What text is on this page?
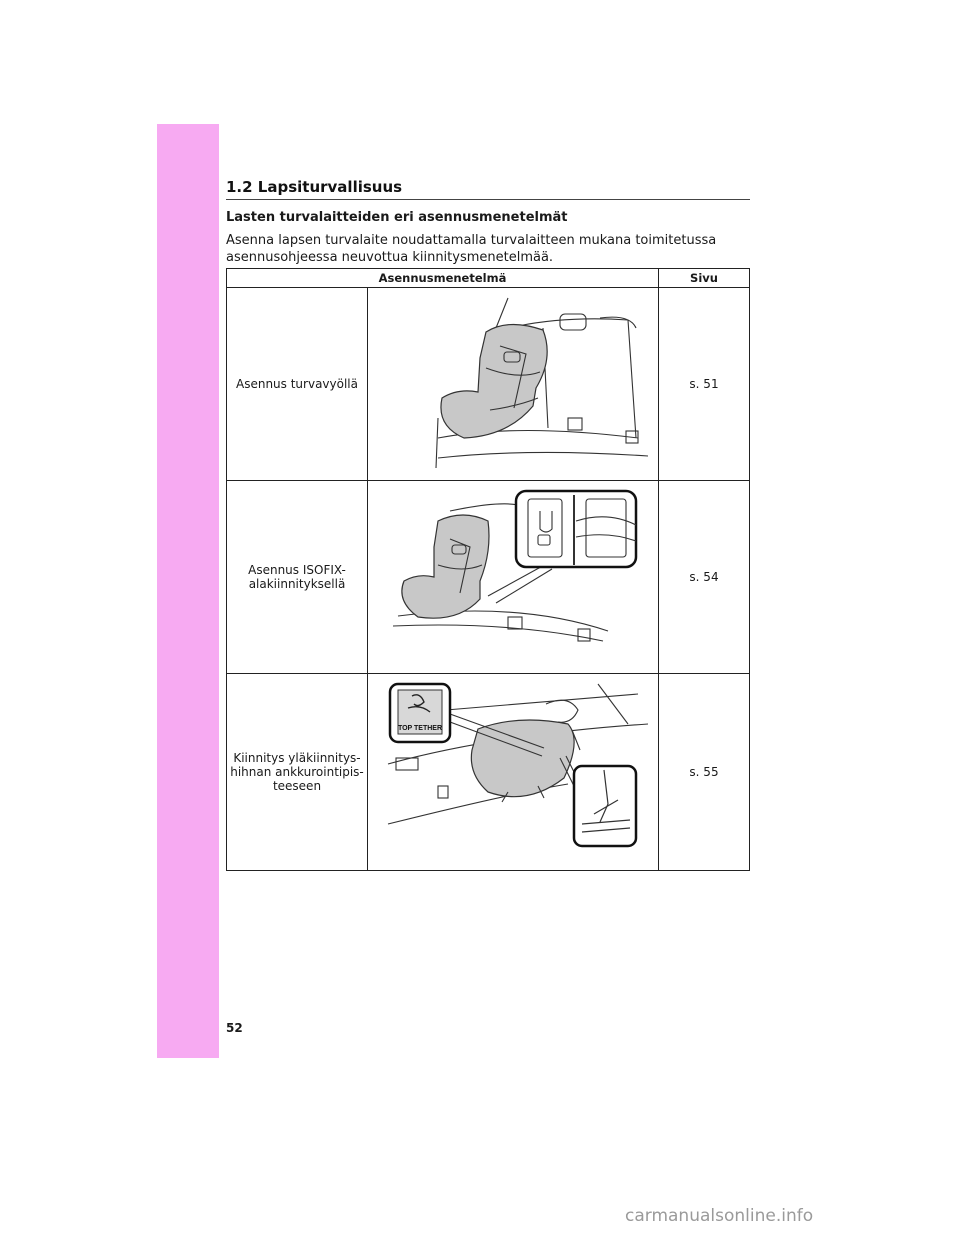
1.2 Lapsiturvallisuus
Lasten turvalaitteiden eri asennusmenetelmät
Asenna lapsen turvalaite noudattamalla turvalaitteen mukana toimitetussa asennusohjeessa neuvottua kiinnitysmenetelmää.
Asennusmenetelmä		Sivu
Asennus turvavyöllä		s. 51
Asennus ISOFIX-alakiinnityksellä		s. 54
Kiinnitys yläkiinnitys-hihnan ankkurointipis-teeseen	TOP TETHER	s. 55
52
carmanualsonline.info
